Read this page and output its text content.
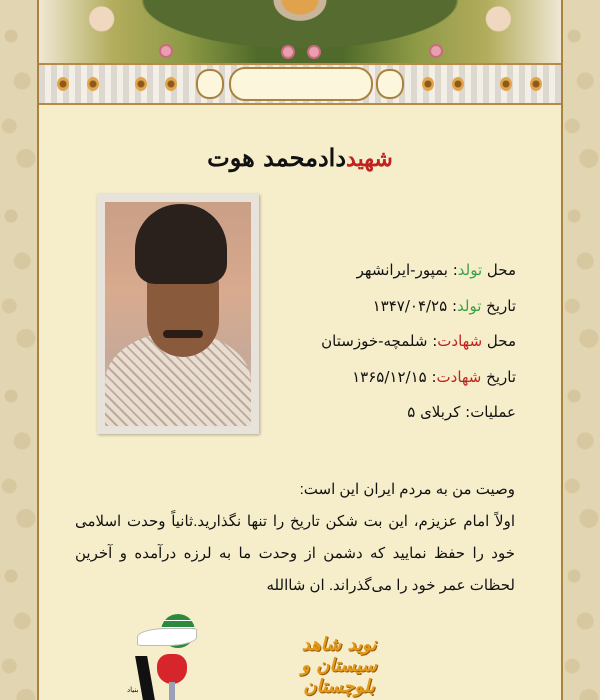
شهیددادمحمد هوت
محل تولد: بمپور-ایرانشهر
تاریخ تولد: ۱۳۴۷/۰۴/۲۵
محل شهادت: شلمچه-خوزستان
تاریخ شهادت: ۱۳۶۵/۱۲/۱۵
عملیات: کربلای ۵
وصیت من به مردم ایران این است:
اولاً امام عزیزم، این بت شکن تاریخ را تنها نگذارید.ثانیاً وحدت اسلامی خود را حفظ نمایید که دشمن از وحدت ما به لرزه درآمده و آخرین لحظات عمر خود را می‌گذراند. ان شاالله
بنیاد
نوید شاهد سیستان و بلوچستان
